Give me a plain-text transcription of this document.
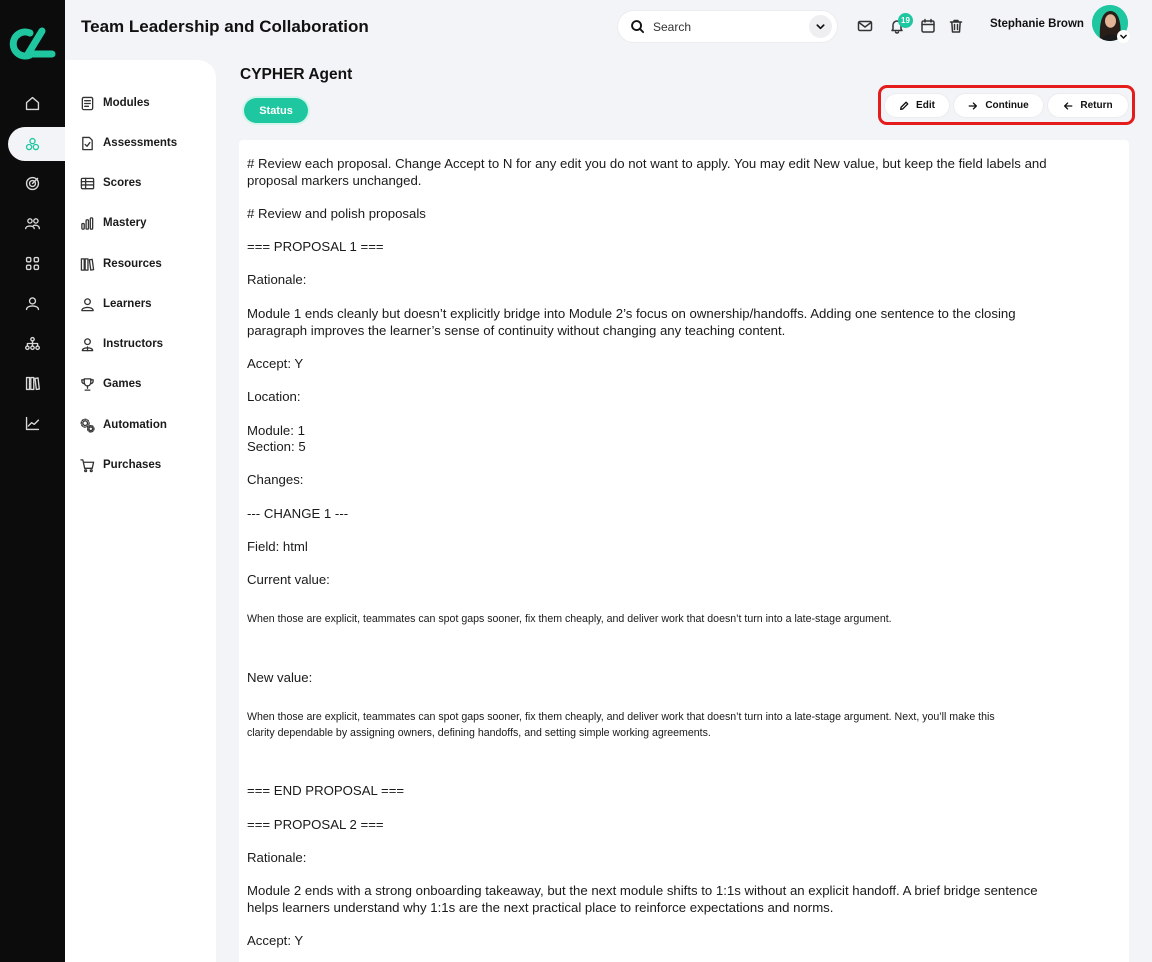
Modules
Assessments
Scores
Mastery
Resources
Learners
Instructors
Games
Automation
Purchases
Team Leadership and Collaboration
Search	19	Stephanie Brown
CYPHER Agent
Status	Edit	Continue	Return
# Review each proposal. Change Accept to N for any edit you do not want to apply. You may edit New value, but keep the field labels and
proposal markers unchanged.
# Review and polish proposals
=== PROPOSAL 1 ===
Rationale:
Module 1 ends cleanly but doesn’t explicitly bridge into Module 2’s focus on ownership/handoffs. Adding one sentence to the closing
paragraph improves the learner’s sense of continuity without changing any teaching content.
Accept: Y
Location:
Module: 1
Section: 5
Changes:
--- CHANGE 1 ---
Field: html
Current value:
When those are explicit, teammates can spot gaps sooner, fix them cheaply, and deliver work that doesn’t turn into a late-stage argument.
New value:
When those are explicit, teammates can spot gaps sooner, fix them cheaply, and deliver work that doesn’t turn into a late-stage argument. Next, you’ll make this
clarity dependable by assigning owners, defining handoffs, and setting simple working agreements.
=== END PROPOSAL ===
=== PROPOSAL 2 ===
Rationale:
Module 2 ends with a strong onboarding takeaway, but the next module shifts to 1:1s without an explicit handoff. A brief bridge sentence
helps learners understand why 1:1s are the next practical place to reinforce expectations and norms.
Accept: Y
